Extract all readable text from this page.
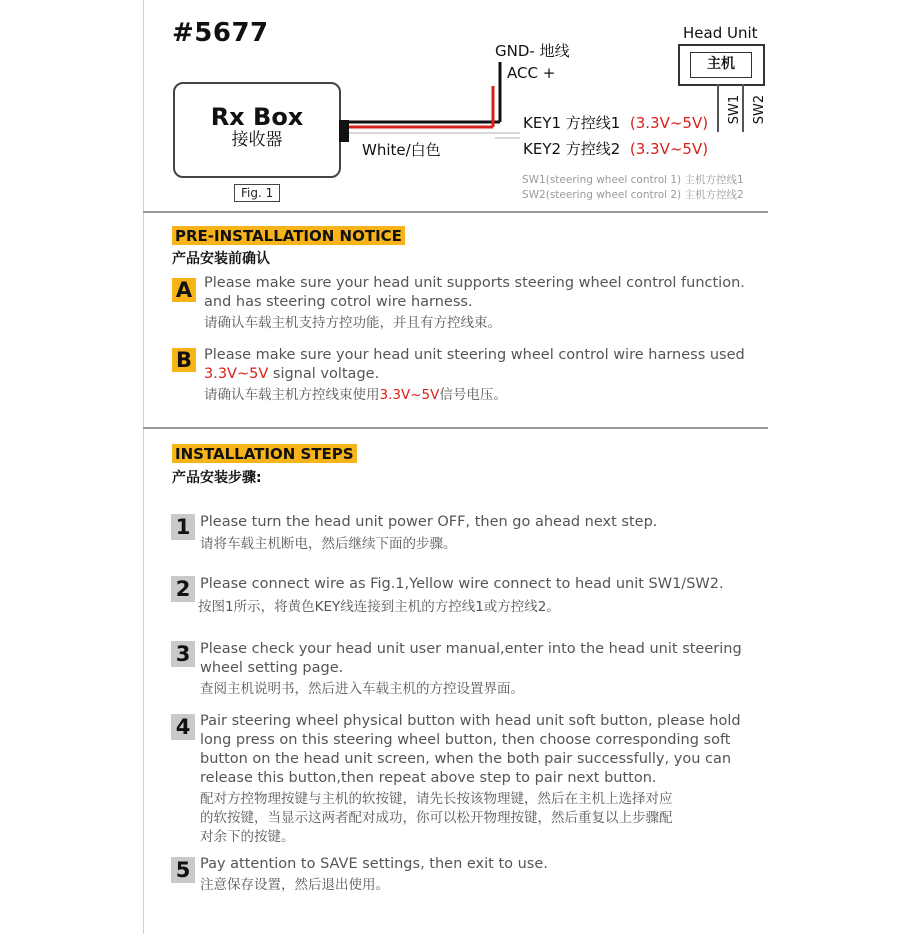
#5677
Rx Box
接收器
Fig. 1
GND- 地线
ACC +
White/白色
KEY1 方控线1 (3.3V~5V)
KEY2 方控线2 (3.3V~5V)
Head Unit
主机
SW1 SW2
SW1(steering wheel control 1) 主机方控线1
SW2(steering wheel control 2) 主机方控线2
PRE-INSTALLATION NOTICE
产品安装前确认
A Please make sure your head unit supports steering wheel control function.
and has steering cotrol wire harness.
请确认车载主机支持方控功能，并且有方控线束。
B Please make sure your head unit steering wheel control wire harness used
3.3V~5V signal voltage.
请确认车载主机方控线束使用3.3V~5V信号电压。
INSTALLATION STEPS
产品安装步骤:
1 Please turn the head unit power OFF, then go ahead next step.
请将车载主机断电，然后继续下面的步骤。
2 Please connect wire as Fig.1,Yellow wire connect to head unit SW1/SW2.
按图1所示，将黄色KEY线连接到主机的方控线1或方控线2。
3 Please check your head unit user manual,enter into the head unit steering
wheel setting page.
查阅主机说明书，然后进入车载主机的方控设置界面。
4 Pair steering wheel physical button with head unit soft button, please hold
long press on this steering wheel button, then choose corresponding soft
button on the head unit screen, when the both pair successfully, you can
release this button,then repeat above step to pair next button.
配对方控物理按键与主机的软按键，请先长按该物理键，然后在主机上选择对应
的软按键，当显示这两者配对成功，你可以松开物理按键，然后重复以上步骤配
对余下的按键。
5 Pay attention to SAVE settings, then exit to use.
注意保存设置，然后退出使用。
